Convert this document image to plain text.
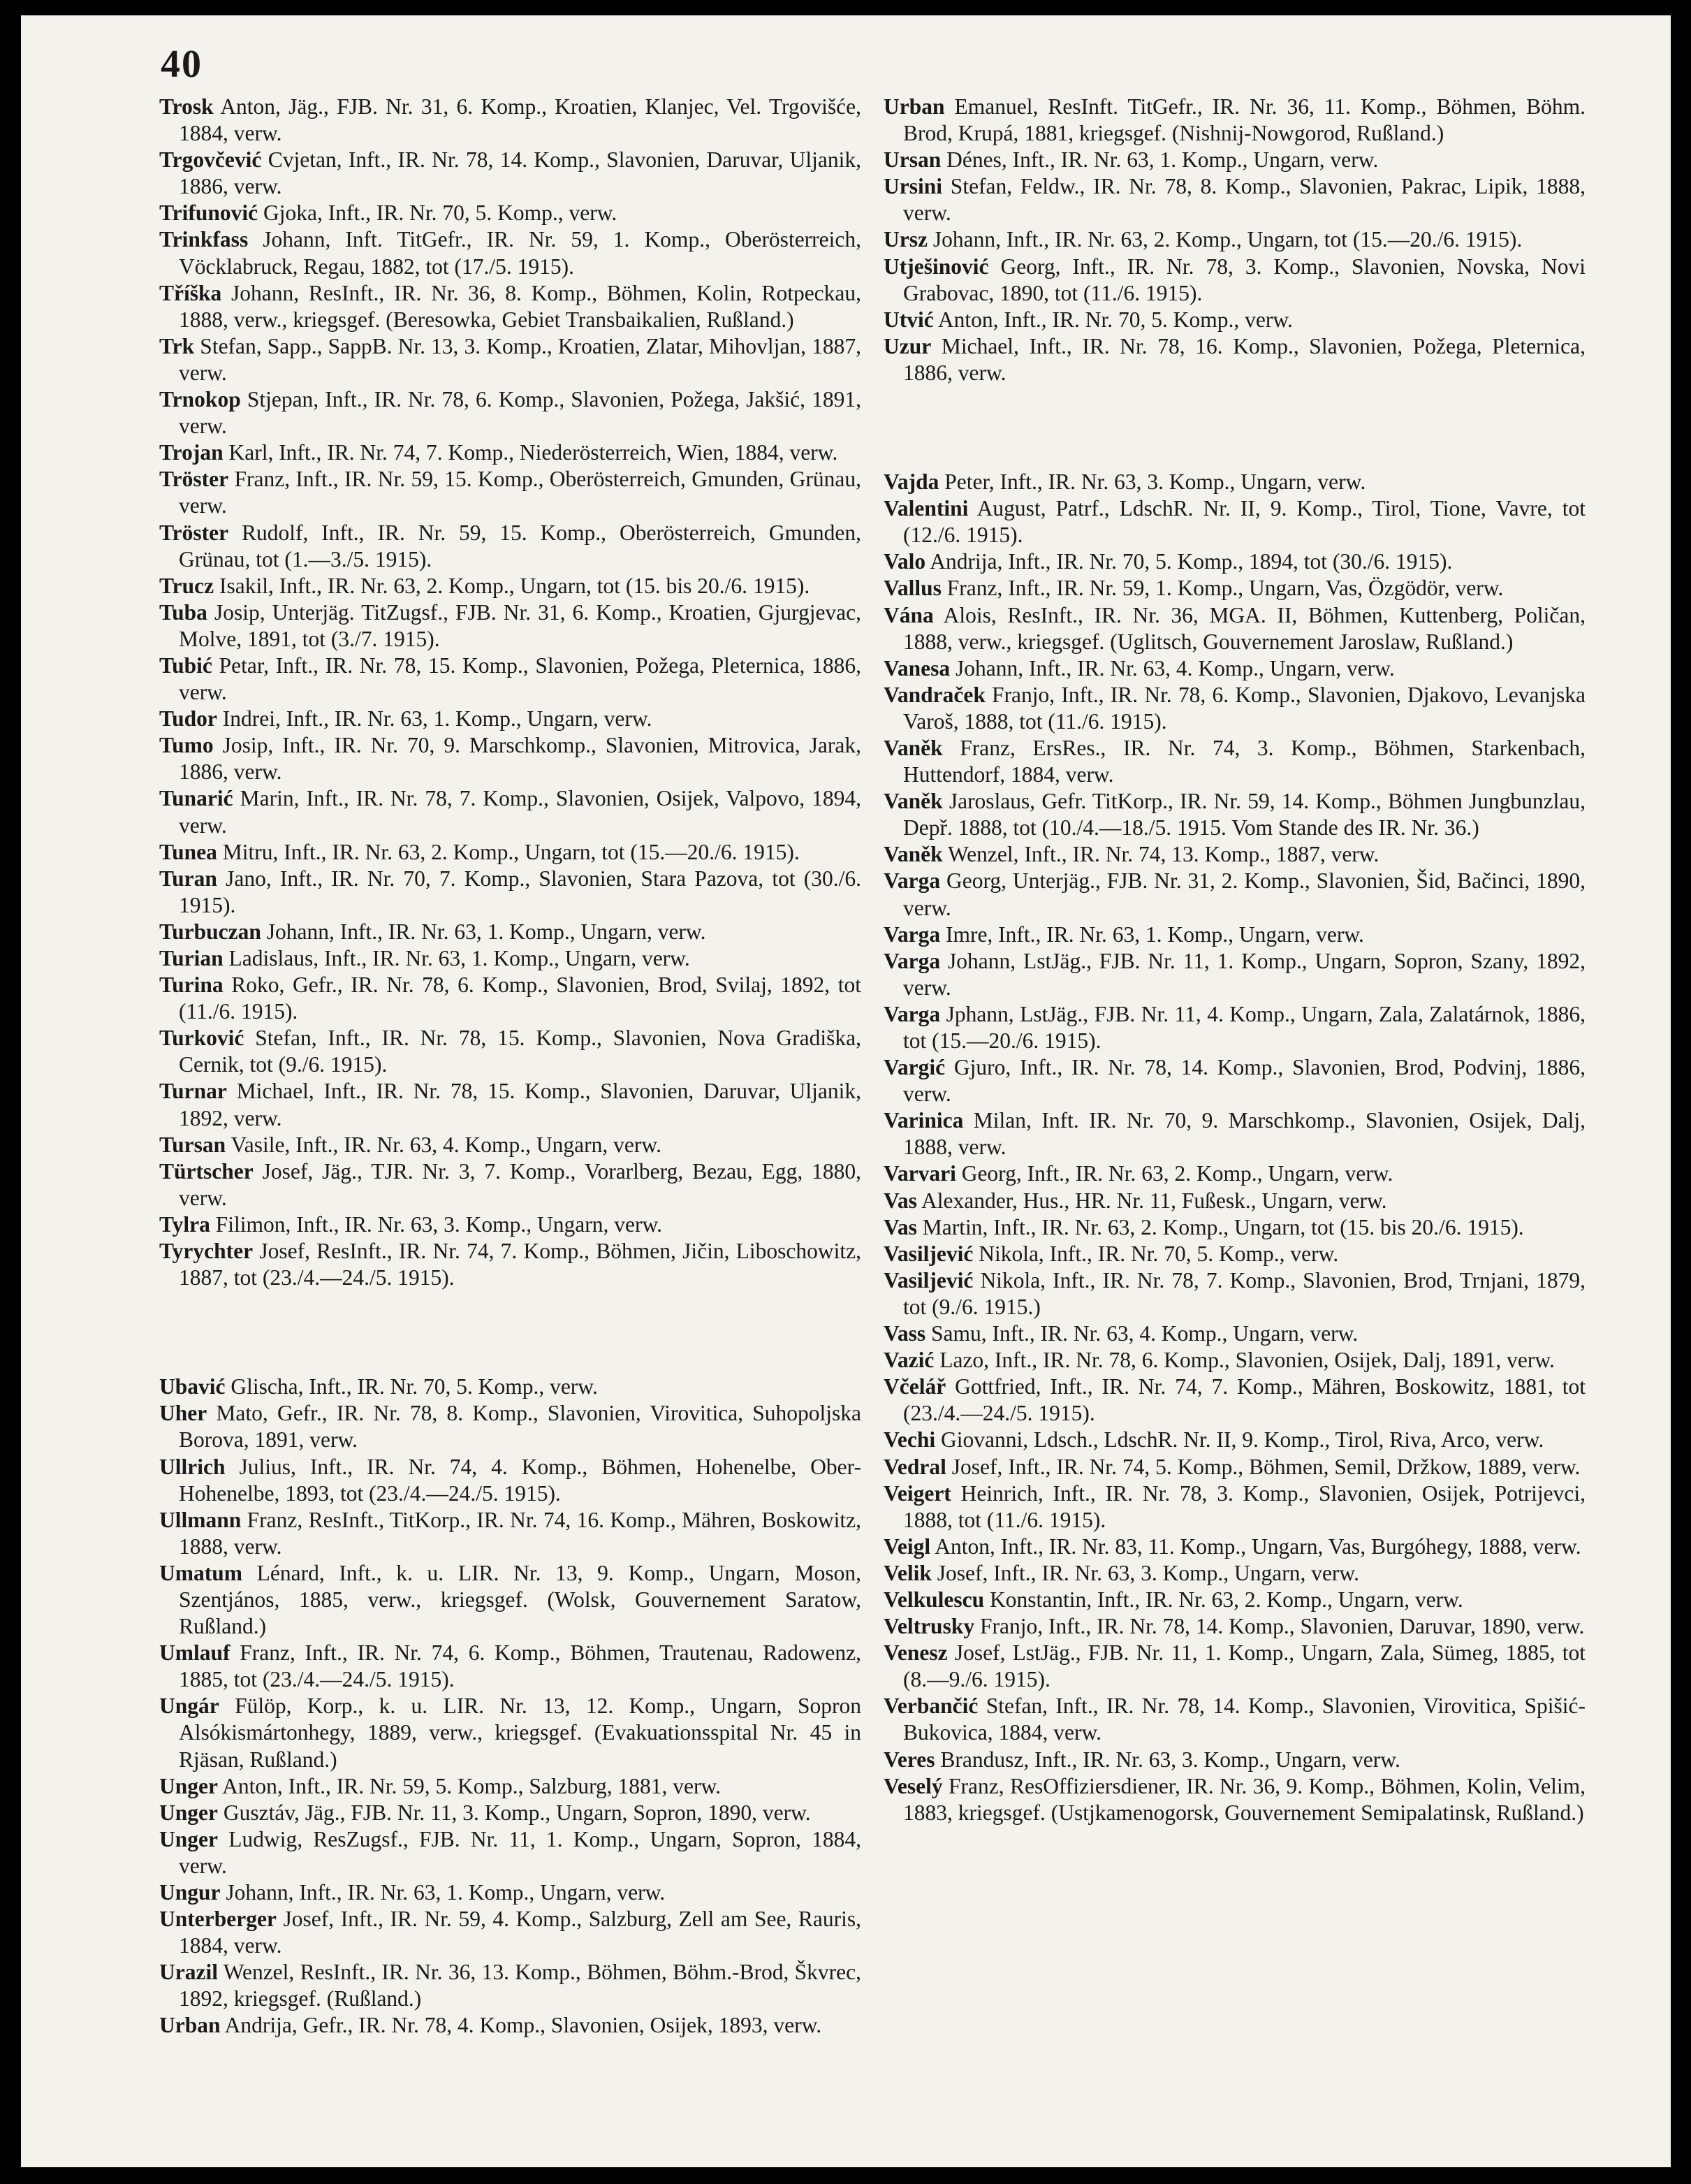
40

Trosk Anton, Jäg., FJB. Nr. 31, 6. Komp., Kroatien, Klanjec, Vel. Trgovišće, 1884, verw.

Trgovčević Cvjetan, Inft., IR. Nr. 78, 14. Komp., Slavonien, Daruvar, Uljanik, 1886, verw.

Trifunović Gjoka, Inft., IR. Nr. 70, 5. Komp., verw.

Trinkfass Johann, Inft. TitGefr., IR. Nr. 59, 1. Komp., Oberösterreich, Vöcklabruck, Regau, 1882, tot (17./5. 1915).

Tříška Johann, ResInft., IR. Nr. 36, 8. Komp., Böhmen, Kolin, Rotpeckau, 1888, verw., kriegsgef. (Beresowka, Gebiet Transbaikalien, Rußland.)

Trk Stefan, Sapp., SappB. Nr. 13, 3. Komp., Kroatien, Zlatar, Mihovljan, 1887, verw.

Trnokop Stjepan, Inft., IR. Nr. 78, 6. Komp., Slavonien, Požega, Jakšić, 1891, verw.

Trojan Karl, Inft., IR. Nr. 74, 7. Komp., Niederösterreich, Wien, 1884, verw.

Tröster Franz, Inft., IR. Nr. 59, 15. Komp., Oberösterreich, Gmunden, Grünau, verw.

Tröster Rudolf, Inft., IR. Nr. 59, 15. Komp., Oberösterreich, Gmunden, Grünau, tot (1.—3./5. 1915).

Trucz Isakil, Inft., IR. Nr. 63, 2. Komp., Ungarn, tot (15. bis 20./6. 1915).

Tuba Josip, Unterjäg. TitZugsf., FJB. Nr. 31, 6. Komp., Kroatien, Gjurgjevac, Molve, 1891, tot (3./7. 1915).

Tubić Petar, Inft., IR. Nr. 78, 15. Komp., Slavonien, Požega, Pleternica, 1886, verw.

Tudor Indrei, Inft., IR. Nr. 63, 1. Komp., Ungarn, verw.

Tumo Josip, Inft., IR. Nr. 70, 9. Marschkomp., Slavonien, Mitrovica, Jarak, 1886, verw.

Tunarić Marin, Inft., IR. Nr. 78, 7. Komp., Slavonien, Osijek, Valpovo, 1894, verw.

Tunea Mitru, Inft., IR. Nr. 63, 2. Komp., Ungarn, tot (15.—20./6. 1915).

Turan Jano, Inft., IR. Nr. 70, 7. Komp., Slavonien, Stara Pazova, tot (30./6. 1915).

Turbuczan Johann, Inft., IR. Nr. 63, 1. Komp., Ungarn, verw.

Turian Ladislaus, Inft., IR. Nr. 63, 1. Komp., Ungarn, verw.

Turina Roko, Gefr., IR. Nr. 78, 6. Komp., Slavonien, Brod, Svilaj, 1892, tot (11./6. 1915).

Turković Stefan, Inft., IR. Nr. 78, 15. Komp., Slavonien, Nova Gradiška, Cernik, tot (9./6. 1915).

Turnar Michael, Inft., IR. Nr. 78, 15. Komp., Slavonien, Daruvar, Uljanik, 1892, verw.

Tursan Vasile, Inft., IR. Nr. 63, 4. Komp., Ungarn, verw.

Türtscher Josef, Jäg., TJR. Nr. 3, 7. Komp., Vorarlberg, Bezau, Egg, 1880, verw.

Tylra Filimon, Inft., IR. Nr. 63, 3. Komp., Ungarn, verw.

Tyrychter Josef, ResInft., IR. Nr. 74, 7. Komp., Böhmen, Jičin, Liboschowitz, 1887, tot (23./4.—24./5. 1915).

Ubavić Glischa, Inft., IR. Nr. 70, 5. Komp., verw.

Uher Mato, Gefr., IR. Nr. 78, 8. Komp., Slavonien, Virovitica, Suhopoljska Borova, 1891, verw.

Ullrich Julius, Inft., IR. Nr. 74, 4. Komp., Böhmen, Hohenelbe, Ober-Hohenelbe, 1893, tot (23./4.—24./5. 1915).

Ullmann Franz, ResInft., TitKorp., IR. Nr. 74, 16. Komp., Mähren, Boskowitz, 1888, verw.

Umatum Lénard, Inft., k. u. LIR. Nr. 13, 9. Komp., Ungarn, Moson, Szentjános, 1885, verw., kriegsgef. (Wolsk, Gouvernement Saratow, Rußland.)

Umlauf Franz, Inft., IR. Nr. 74, 6. Komp., Böhmen, Trautenau, Radowenz, 1885, tot (23./4.—24./5. 1915).

Ungár Fülöp, Korp., k. u. LIR. Nr. 13, 12. Komp., Ungarn, Sopron Alsókismártonhegy, 1889, verw., kriegsgef. (Evakuationsspital Nr. 45 in Rjäsan, Rußland.)

Unger Anton, Inft., IR. Nr. 59, 5. Komp., Salzburg, 1881, verw.

Unger Gusztáv, Jäg., FJB. Nr. 11, 3. Komp., Ungarn, Sopron, 1890, verw.

Unger Ludwig, ResZugsf., FJB. Nr. 11, 1. Komp., Ungarn, Sopron, 1884, verw.

Ungur Johann, Inft., IR. Nr. 63, 1. Komp., Ungarn, verw.

Unterberger Josef, Inft., IR. Nr. 59, 4. Komp., Salzburg, Zell am See, Rauris, 1884, verw.

Urazil Wenzel, ResInft., IR. Nr. 36, 13. Komp., Böhmen, Böhm.-Brod, Škvrec, 1892, kriegsgef. (Rußland.)

Urban Andrija, Gefr., IR. Nr. 78, 4. Komp., Slavonien, Osijek, 1893, verw.

Urban Emanuel, ResInft. TitGefr., IR. Nr. 36, 11. Komp., Böhmen, Böhm. Brod, Krupá, 1881, kriegsgef. (Nishnij-Nowgorod, Rußland.)

Ursan Dénes, Inft., IR. Nr. 63, 1. Komp., Ungarn, verw.

Ursini Stefan, Feldw., IR. Nr. 78, 8. Komp., Slavonien, Pakrac, Lipik, 1888, verw.

Ursz Johann, Inft., IR. Nr. 63, 2. Komp., Ungarn, tot (15.—20./6. 1915).

Utješinović Georg, Inft., IR. Nr. 78, 3. Komp., Slavonien, Novska, Novi Grabovac, 1890, tot (11./6. 1915).

Utvić Anton, Inft., IR. Nr. 70, 5. Komp., verw.

Uzur Michael, Inft., IR. Nr. 78, 16. Komp., Slavonien, Požega, Pleternica, 1886, verw.

Vajda Peter, Inft., IR. Nr. 63, 3. Komp., Ungarn, verw.

Valentini August, Patrf., LdschR. Nr. II, 9. Komp., Tirol, Tione, Vavre, tot (12./6. 1915).

Valo Andrija, Inft., IR. Nr. 70, 5. Komp., 1894, tot (30./6. 1915).

Vallus Franz, Inft., IR. Nr. 59, 1. Komp., Ungarn, Vas, Özgödör, verw.

Vána Alois, ResInft., IR. Nr. 36, MGA. II, Böhmen, Kuttenberg, Poličan, 1888, verw., kriegsgef. (Uglitsch, Gouvernement Jaroslaw, Rußland.)

Vanesa Johann, Inft., IR. Nr. 63, 4. Komp., Ungarn, verw.

Vandraček Franjo, Inft., IR. Nr. 78, 6. Komp., Slavonien, Djakovo, Levanjska Varoš, 1888, tot (11./6. 1915).

Vaněk Franz, ErsRes., IR. Nr. 74, 3. Komp., Böhmen, Starkenbach, Huttendorf, 1884, verw.

Vaněk Jaroslaus, Gefr. TitKorp., IR. Nr. 59, 14. Komp., Böhmen Jungbunzlau, Depř. 1888, tot (10./4.—18./5. 1915. Vom Stande des IR. Nr. 36.)

Vaněk Wenzel, Inft., IR. Nr. 74, 13. Komp., 1887, verw.

Varga Georg, Unterjäg., FJB. Nr. 31, 2. Komp., Slavonien, Šid, Bačinci, 1890, verw.

Varga Imre, Inft., IR. Nr. 63, 1. Komp., Ungarn, verw.

Varga Johann, LstJäg., FJB. Nr. 11, 1. Komp., Ungarn, Sopron, Szany, 1892, verw.

Varga Jphann, LstJäg., FJB. Nr. 11, 4. Komp., Ungarn, Zala, Zalatárnok, 1886, tot (15.—20./6. 1915).

Vargić Gjuro, Inft., IR. Nr. 78, 14. Komp., Slavonien, Brod, Podvinj, 1886, verw.

Varinica Milan, Inft. IR. Nr. 70, 9. Marschkomp., Slavonien, Osijek, Dalj, 1888, verw.

Varvari Georg, Inft., IR. Nr. 63, 2. Komp., Ungarn, verw.

Vas Alexander, Hus., HR. Nr. 11, Fußesk., Ungarn, verw.

Vas Martin, Inft., IR. Nr. 63, 2. Komp., Ungarn, tot (15. bis 20./6. 1915).

Vasiljević Nikola, Inft., IR. Nr. 70, 5. Komp., verw.

Vasiljević Nikola, Inft., IR. Nr. 78, 7. Komp., Slavonien, Brod, Trnjani, 1879, tot (9./6. 1915.)

Vass Samu, Inft., IR. Nr. 63, 4. Komp., Ungarn, verw.

Vazić Lazo, Inft., IR. Nr. 78, 6. Komp., Slavonien, Osijek, Dalj, 1891, verw.

Včelář Gottfried, Inft., IR. Nr. 74, 7. Komp., Mähren, Boskowitz, 1881, tot (23./4.—24./5. 1915).

Vechi Giovanni, Ldsch., LdschR. Nr. II, 9. Komp., Tirol, Riva, Arco, verw.

Vedral Josef, Inft., IR. Nr. 74, 5. Komp., Böhmen, Semil, Držkow, 1889, verw.

Veigert Heinrich, Inft., IR. Nr. 78, 3. Komp., Slavonien, Osijek, Potrijevci, 1888, tot (11./6. 1915).

Veigl Anton, Inft., IR. Nr. 83, 11. Komp., Ungarn, Vas, Burgóhegy, 1888, verw.

Velik Josef, Inft., IR. Nr. 63, 3. Komp., Ungarn, verw.

Velkulescu Konstantin, Inft., IR. Nr. 63, 2. Komp., Ungarn, verw.

Veltrusky Franjo, Inft., IR. Nr. 78, 14. Komp., Slavonien, Daruvar, 1890, verw.

Venesz Josef, LstJäg., FJB. Nr. 11, 1. Komp., Ungarn, Zala, Sümeg, 1885, tot (8.—9./6. 1915).

Verbančić Stefan, Inft., IR. Nr. 78, 14. Komp., Slavonien, Virovitica, Spišić-Bukovica, 1884, verw.

Veres Brandusz, Inft., IR. Nr. 63, 3. Komp., Ungarn, verw.

Veselý Franz, ResOffiziersdiener, IR. Nr. 36, 9. Komp., Böhmen, Kolin, Velim, 1883, kriegsgef. (Ustjkamenogorsk, Gouvernement Semipalatinsk, Rußland.)
